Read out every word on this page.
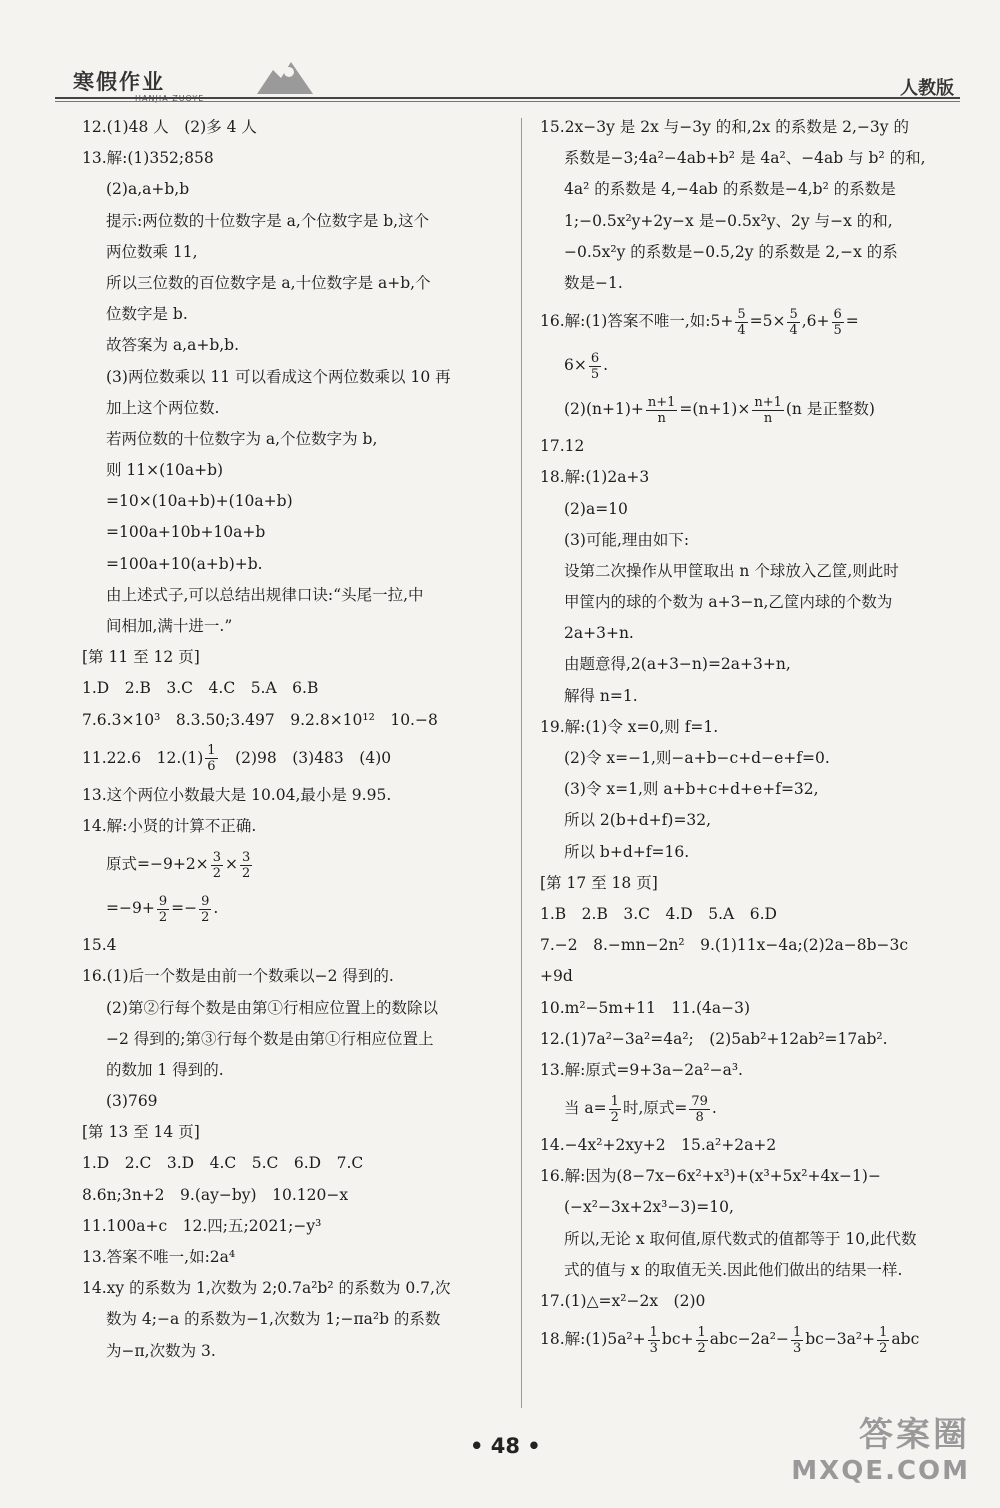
寒假作业
HANJIA ZUOYE	人教版
12.(1)48 人　(2)多 4 人
13.解:(1)352;858
(2)a,a+b,b
提示:两位数的十位数字是 a,个位数字是 b,这个
两位数乘 11,
所以三位数的百位数字是 a,十位数字是 a+b,个
位数字是 b.
故答案为 a,a+b,b.
(3)两位数乘以 11 可以看成这个两位数乘以 10 再
加上这个两位数.
若两位数的十位数字为 a,个位数字为 b,
则 11×(10a+b)
=10×(10a+b)+(10a+b)
=100a+10b+10a+b
=100a+10(a+b)+b.
由上述式子,可以总结出规律口诀:“头尾一拉,中
间相加,满十进一.”
[第 11 至 12 页]
1.D　2.B　3.C　4.C　5.A　6.B
7.6.3×10³　8.3.50;3.497　9.2.8×10¹²　10.−8
11.22.6　$12.(1) \frac{1}{6}$ 　(2)98　(3)483　(4)0
13.这个两位小数最大是 10.04,最小是 9.95.
14.解:小贤的计算不正确.
原式$=-9+2\times \frac{3}{2} \times \frac{3}{2}$
$=-9+ \frac{9}{2} =- \frac{9}{2}$ .
15.4
16.(1)后一个数是由前一个数乘以−2 得到的.
(2)第②行每个数是由第①行相应位置上的数除以
−2 得到的;第③行每个数是由第①行相应位置上
的数加 1 得到的.
(3)769
[第 13 至 14 页]
1.D　2.C　3.D　4.C　5.C　6.D　7.C
8.6n;3n+2　9.(ay−by)　10.120−x
11.100a+c　12.四;五;2021;−y³
13.答案不唯一,如:2a⁴
14.xy 的系数为 1,次数为 2;0.7a²b² 的系数为 0.7,次
数为 4;−a 的系数为−1,次数为 1;−πa²b 的系数
为−π,次数为 3.
15.2x−3y 是 2x 与−3y 的和,2x 的系数是 2,−3y 的
系数是−3;4a²−4ab+b² 是 4a²、−4ab 与 b² 的和,
4a² 的系数是 4,−4ab 的系数是−4,b² 的系数是
1;−0.5x²y+2y−x 是−0.5x²y、2y 与−x 的和,
−0.5x²y 的系数是−0.5,2y 的系数是 2,−x 的系
数是−1.
16.解:(1)答案不唯一,如:5+ $\frac{5}{4} =5\times \frac{5}{4} ,6+ \frac{6}{5}$ =
$6\times \frac{6}{5}$ .
$(2)(n+1)+ \frac{n+1}{n} =(n+1)\times \frac{n+1}{n} (n$ 是正整数)
17.12
18.解:(1)2a+3
(2)a=10
(3)可能,理由如下:
设第二次操作从甲筐取出 n 个球放入乙筐,则此时
甲筐内的球的个数为 a+3−n,乙筐内球的个数为
2a+3+n.
由题意得,2(a+3−n)=2a+3+n,
解得 n=1.
19.解:(1)令 x=0,则 f=1.
(2)令 x=−1,则−a+b−c+d−e+f=0.
(3)令 x=1,则 a+b+c+d+e+f=32,
所以 2(b+d+f)=32,
所以 b+d+f=16.
[第 17 至 18 页]
1.B　2.B　3.C　4.D　5.A　6.D
7.−2　8.−mn−2n²　9.(1)11x−4a;(2)2a−8b−3c
+9d
10.m²−5m+11　11.(4a−3)
12.(1)7a²−3a²=4a²;　(2)5ab²+12ab²=17ab².
13.解:原式=9+3a−2a²−a³.
当 $a= \frac{1}{2}$ 时,原式= $\frac{79}{8}$ .
14.−4x²+2xy+2　15.a²+2a+2
16.解:因为(8−7x−6x²+x³)+(x³+5x²+4x−1)−
(−x²−3x+2x³−3)=10,
所以,无论 x 取何值,原代数式的值都等于 10,此代数
式的值与 x 的取值无关.因此他们做出的结果一样.
17.(1)△=x²−2x　(2)0
18.解:(1)5a²+ $\frac{1}{3} bc+ \frac{1}{2} abc-2a^2- \frac{1}{3} bc-3a^2+ \frac{1}{2}$ abc
• 48 •	答案圈
MXQE.COM
